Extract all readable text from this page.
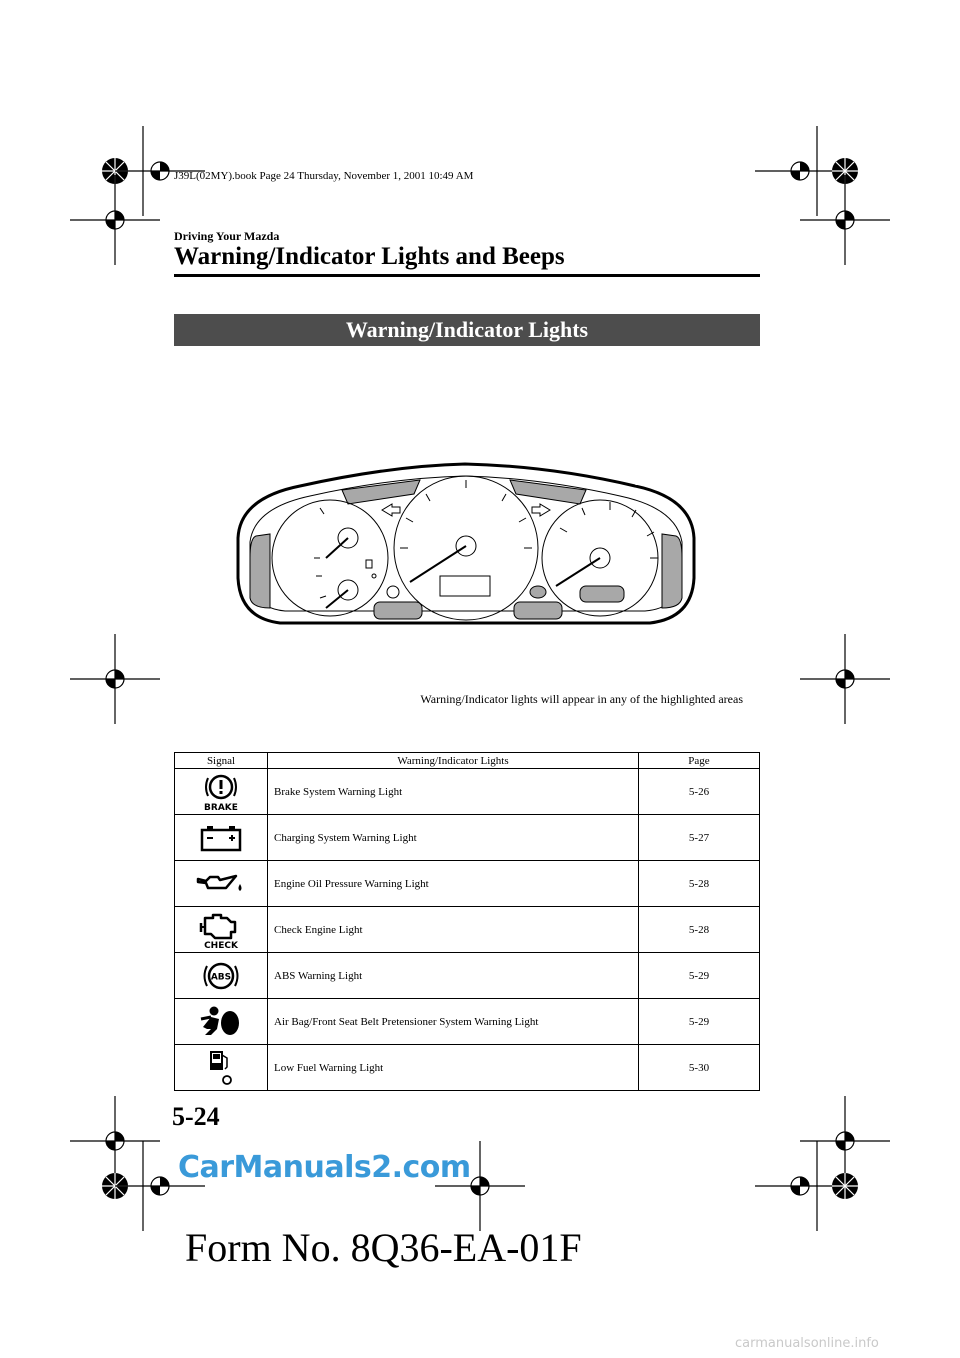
J39L(02MY).book Page 24 Thursday, November 1, 2001 10:49 AM
Driving Your Mazda
Warning/Indicator Lights and Beeps
Warning/Indicator Lights
Warning/Indicator lights will appear in any of the highlighted areas
Signal	Warning/Indicator Lights	Page

BRAKE	Brake System Warning Light	5-26

	Charging System Warning Light	5-27

	Engine Oil Pressure Warning Light	5-28

CHECK	Check Engine Light	5-28

ABS	ABS Warning Light	5-29

	Air Bag/Front Seat Belt Pretensioner System Warning Light	5-29

	Low Fuel Warning Light	5-30
5-24
CarManuals2.com
Form No. 8Q36-EA-01F
carmanualsonline.info
